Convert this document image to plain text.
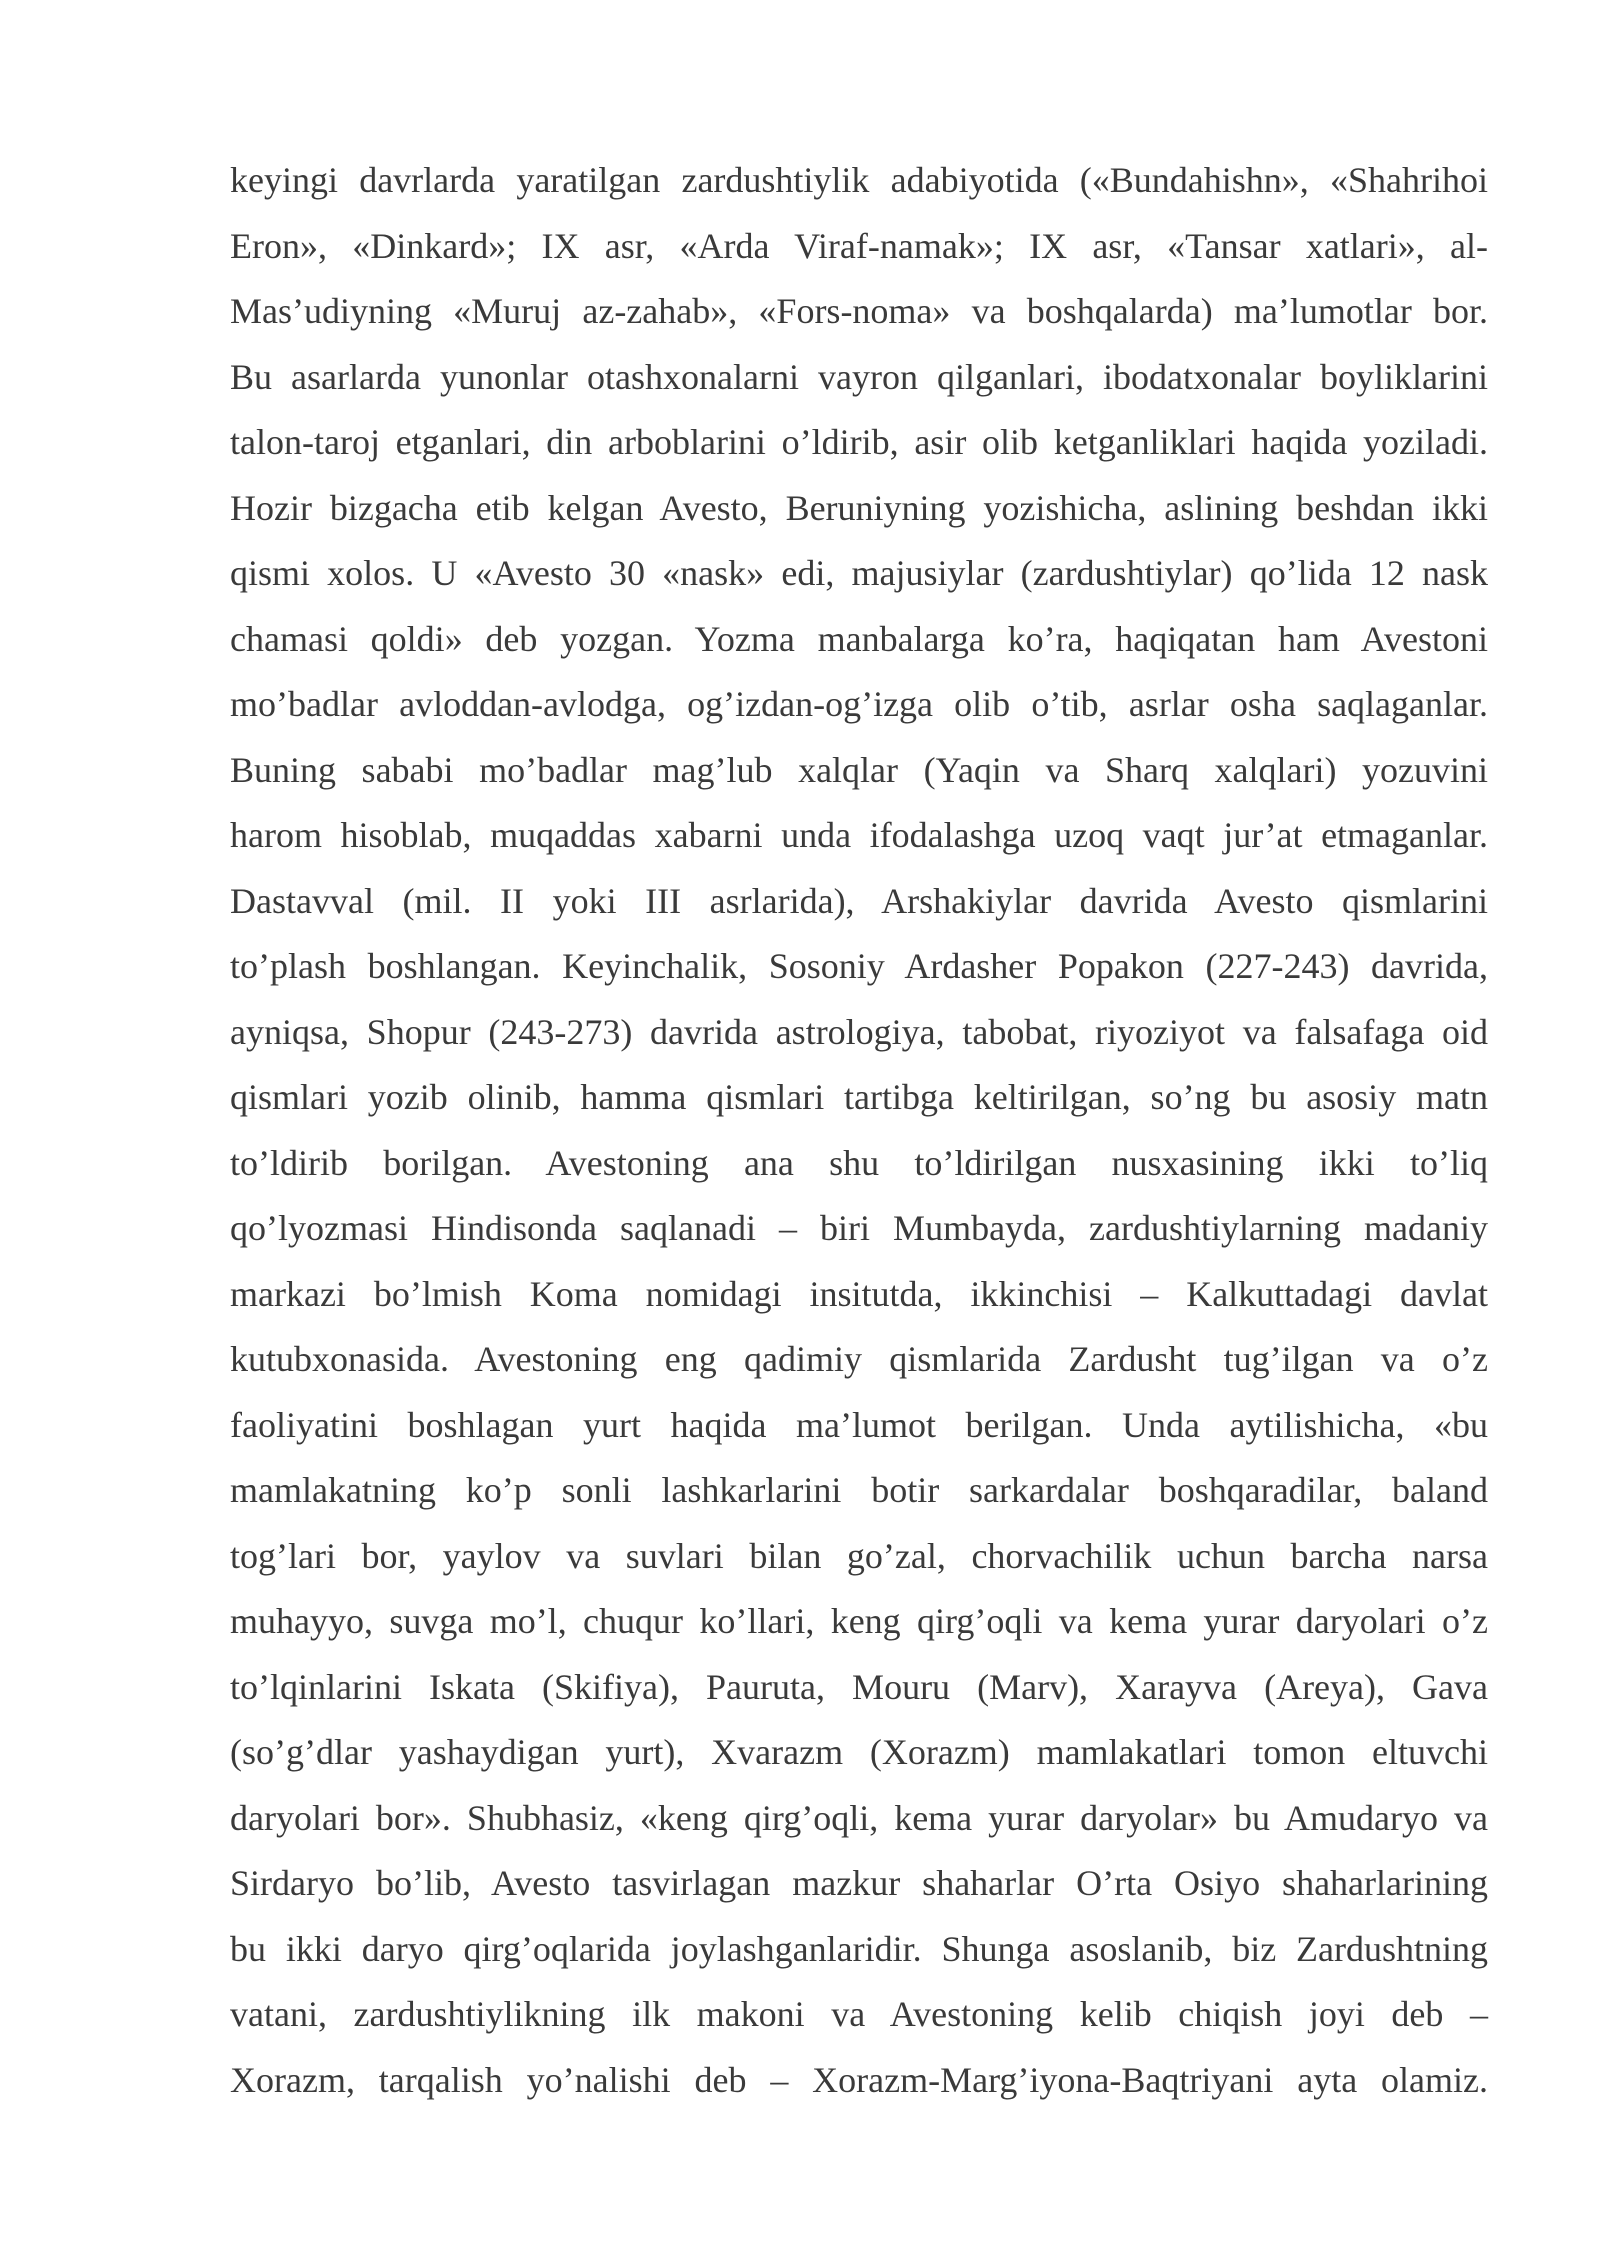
keyingi davrlarda yaratilgan zardushtiylik adabiyotida («Bundahishn», «Shahrihoi
Eron», «Dinkard»; IX asr, «Arda Viraf-namak»; IX asr, «Tansar xatlari», al-
Mas’udiyning «Muruj az-zahab», «Fors-noma» va boshqalarda) ma’lumotlar bor.
Bu asarlarda yunonlar otashxonalarni vayron qilganlari, ibodatxonalar boyliklarini
talon-taroj etganlari, din arboblarini o’ldirib, asir olib ketganliklari haqida yoziladi.
Hozir bizgacha etib kelgan Avesto, Beruniyning yozishicha, aslining beshdan ikki
qismi xolos. U «Avesto 30 «nask» edi, majusiylar (zardushtiylar) qo’lida 12 nask
chamasi qoldi» deb yozgan. Yozma manbalarga ko’ra, haqiqatan ham Avestoni
mo’badlar avloddan-avlodga, og’izdan-og’izga olib o’tib, asrlar osha saqlaganlar.
Buning sababi mo’badlar mag’lub xalqlar (Yaqin va Sharq xalqlari) yozuvini
harom hisoblab, muqaddas xabarni unda ifodalashga uzoq vaqt jur’at etmaganlar.
Dastavval (mil. II yoki III asrlarida), Arshakiylar davrida Avesto qismlarini
to’plash boshlangan. Keyinchalik, Sosoniy Ardasher Popakon (227-243) davrida,
ayniqsa, Shopur (243-273) davrida astrologiya, tabobat, riyoziyot va falsafaga oid
qismlari yozib olinib, hamma qismlari tartibga keltirilgan, so’ng bu asosiy matn
to’ldirib borilgan. Avestoning ana shu to’ldirilgan nusxasining ikki to’liq
qo’lyozmasi Hindisonda saqlanadi – biri Mumbayda, zardushtiylarning madaniy
markazi bo’lmish Koma nomidagi insitutda, ikkinchisi – Kalkuttadagi davlat
kutubxonasida. Avestoning eng qadimiy qismlarida Zardusht tug’ilgan va o’z
faoliyatini boshlagan yurt haqida ma’lumot berilgan. Unda aytilishicha, «bu
mamlakatning ko’p sonli lashkarlarini botir sarkardalar boshqaradilar, baland
tog’lari bor, yaylov va suvlari bilan go’zal, chorvachilik uchun barcha narsa
muhayyo, suvga mo’l, chuqur ko’llari, keng qirg’oqli va kema yurar daryolari o’z
to’lqinlarini Iskata (Skifiya), Pauruta, Mouru (Marv), Xarayva (Areya), Gava
(so’g’dlar yashaydigan yurt), Xvarazm (Xorazm) mamlakatlari tomon eltuvchi
daryolari bor». Shubhasiz, «keng qirg’oqli, kema yurar daryolar» bu Amudaryo va
Sirdaryo bo’lib, Avesto tasvirlagan mazkur shaharlar O’rta Osiyo shaharlarining
bu ikki daryo qirg’oqlarida joylashganlaridir. Shunga asoslanib, biz Zardushtning
vatani, zardushtiylikning ilk makoni va Avestoning kelib chiqish joyi deb –
Xorazm, tarqalish yo’nalishi deb – Xorazm-Marg’iyona-Baqtriyani ayta olamiz.
